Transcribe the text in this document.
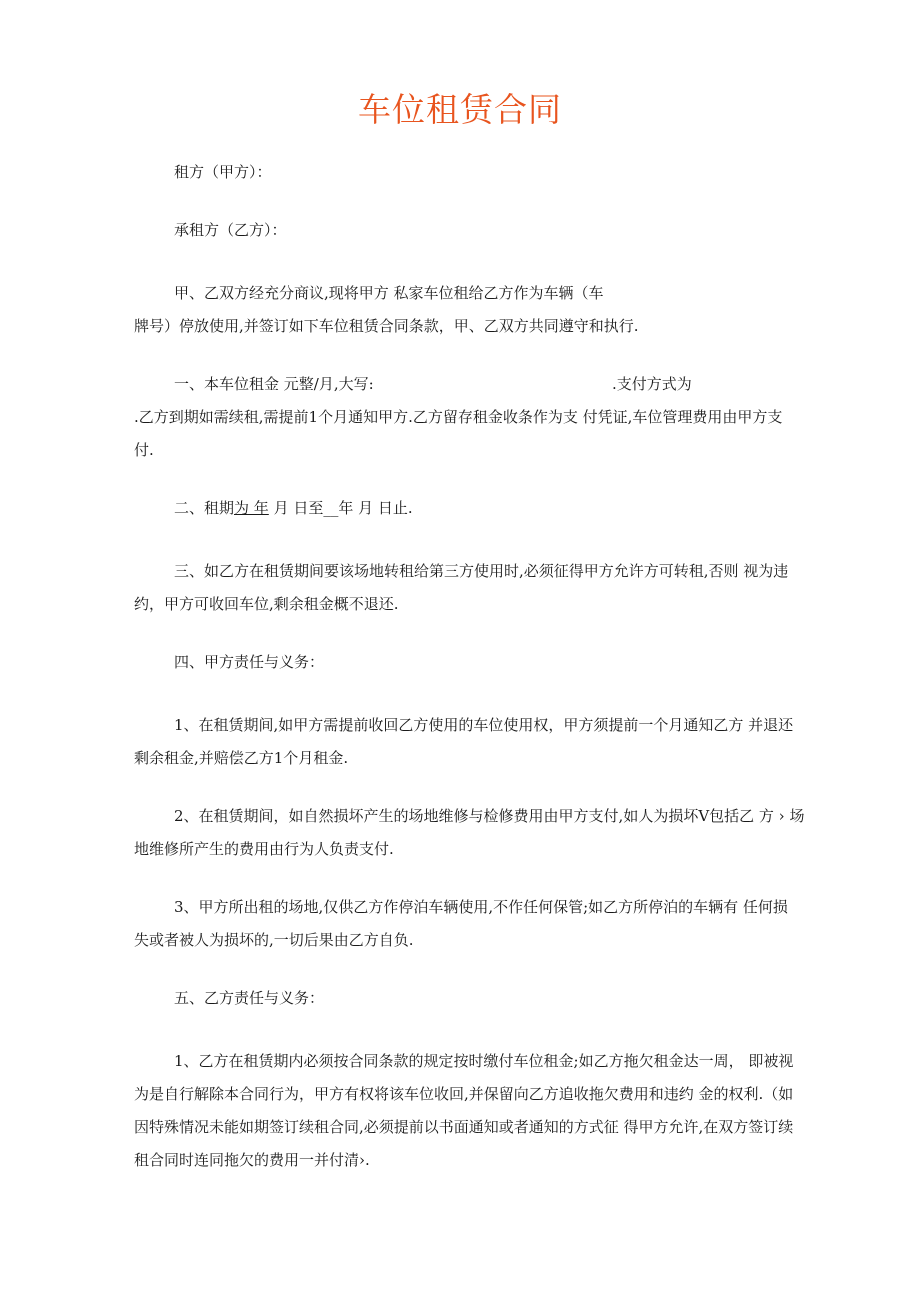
车位租赁合同

租方（甲方）：

承租方（乙方）：

甲、乙双方经充分商议,现将甲方 私家车位租给乙方作为车辆（车

牌号）停放使用,并签订如下车位租赁合同条款，甲、乙双方共同遵守和执行.

一、本车位租金 元整/月,大写:	.支付方式为

.乙方到期如需续租,需提前1个月通知甲方.乙方留存租金收条作为支 付凭证,车位管理费用由甲方支

付.

二、租期为 年 月 日至__年 月 日止.

三、如乙方在租赁期间要该场地转租给第三方使用时,必须征得甲方允许方可转租,否则 视为违

约，甲方可收回车位,剩余租金概不退还.

四、甲方责任与义务：

1、在租赁期间,如甲方需提前收回乙方使用的车位使用权，甲方须提前一个月通知乙方 并退还

剩余租金,并赔偿乙方1个月租金.

2、在租赁期间，如自然损坏产生的场地维修与检修费用由甲方支付,如人为损坏V包括乙 方 › 场

地维修所产生的费用由行为人负责支付.

3、甲方所出租的场地,仅供乙方作停泊车辆使用,不作任何保管;如乙方所停泊的车辆有 任何损

失或者被人为损坏的,一切后果由乙方自负.

五、乙方责任与义务：

1、乙方在租赁期内必须按合同条款的规定按时缴付车位租金;如乙方拖欠租金达一周， 即被视

为是自行解除本合同行为，甲方有权将该车位收回,并保留向乙方追收拖欠费用和违约 金的权利.（如

因特殊情况未能如期签订续租合同,必须提前以书面通知或者通知的方式征 得甲方允许,在双方签订续

租合同时连同拖欠的费用一并付清›.
